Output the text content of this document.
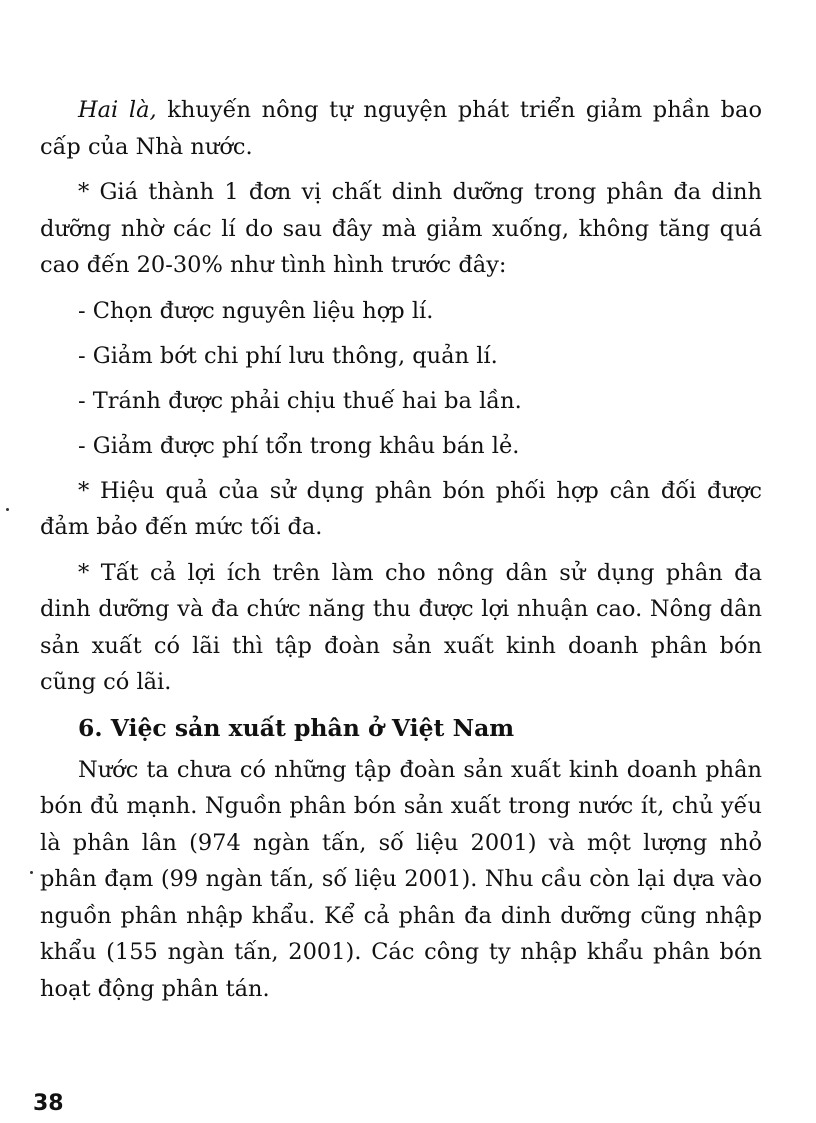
Hai là, khuyến nông tự nguyện phát triển giảm phần bao cấp của Nhà nước.

* Giá thành 1 đơn vị chất dinh dưỡng trong phân đa dinh dưỡng nhờ các lí do sau đây mà giảm xuống, không tăng quá cao đến 20-30% như tình hình trước đây:

- Chọn được nguyên liệu hợp lí.
- Giảm bớt chi phí lưu thông, quản lí.
- Tránh được phải chịu thuế hai ba lần.
- Giảm được phí tổn trong khâu bán lẻ.

* Hiệu quả của sử dụng phân bón phối hợp cân đối được đảm bảo đến mức tối đa.

* Tất cả lợi ích trên làm cho nông dân sử dụng phân đa dinh dưỡng và đa chức năng thu được lợi nhuận cao. Nông dân sản xuất có lãi thì tập đoàn sản xuất kinh doanh phân bón cũng có lãi.

6. Việc sản xuất phân ở Việt Nam

Nước ta chưa có những tập đoàn sản xuất kinh doanh phân bón đủ mạnh. Nguồn phân bón sản xuất trong nước ít, chủ yếu là phân lân (974 ngàn tấn, số liệu 2001) và một lượng nhỏ phân đạm (99 ngàn tấn, số liệu 2001). Nhu cầu còn lại dựa vào nguồn phân nhập khẩu. Kể cả phân đa dinh dưỡng cũng nhập khẩu (155 ngàn tấn, 2001). Các công ty nhập khẩu phân bón hoạt động phân tán.

38
